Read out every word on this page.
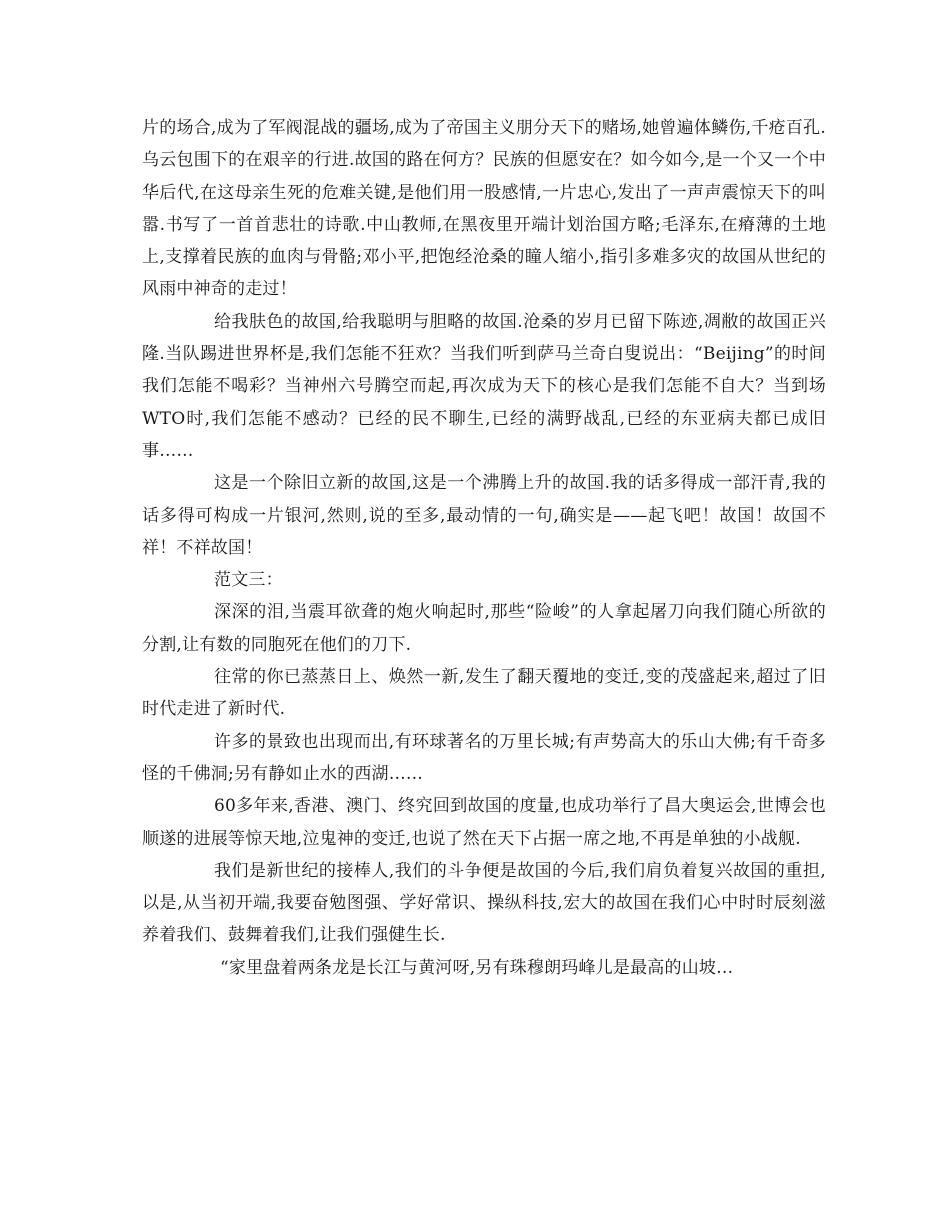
片的场合,成为了军阀混战的疆场,成为了帝国主义朋分天下的赌场,她曾遍体鳞伤,千疮百孔.乌云包围下的在艰辛的行进.故国的路在何方？民族的但愿安在？如今如今,是一个又一个中华后代,在这母亲生死的危难关键,是他们用一股感情,一片忠心,发出了一声声震惊天下的叫嚣.书写了一首首悲壮的诗歌.中山教师,在黑夜里开端计划治国方略;毛泽东,在瘠薄的土地上,支撑着民族的血肉与骨骼;邓小平,把饱经沧桑的瞳人缩小,指引多难多灾的故国从世纪的风雨中神奇的走过！

给我肤色的故国,给我聪明与胆略的故国.沧桑的岁月已留下陈迹,凋敝的故国正兴隆.当队踢进世界杯是,我们怎能不狂欢？当我们听到萨马兰奇白叟说出：“Beijing”的时间我们怎能不喝彩？当神州六号腾空而起,再次成为天下的核心是我们怎能不自大？当到场WTO时,我们怎能不感动？已经的民不聊生,已经的满野战乱,已经的东亚病夫都已成旧事……

这是一个除旧立新的故国,这是一个沸腾上升的故国.我的话多得成一部汗青,我的话多得可构成一片银河,然则,说的至多,最动情的一句,确实是——起飞吧！故国！故国不祥！不祥故国！

范文三：

深深的泪,当震耳欲聋的炮火响起时,那些“险峻”的人拿起屠刀向我们随心所欲的分割,让有数的同胞死在他们的刀下.

往常的你已蒸蒸日上、焕然一新,发生了翻天覆地的变迁,变的茂盛起来,超过了旧时代走进了新时代.

许多的景致也出现而出,有环球著名的万里长城;有声势高大的乐山大佛;有千奇多怪的千佛洞;另有静如止水的西湖……

60多年来,香港、澳门、终究回到故国的度量,也成功举行了昌大奥运会,世博会也顺遂的进展等惊天地,泣鬼神的变迁,也说了然在天下占据一席之地,不再是单独的小战舰.

我们是新世纪的接棒人,我们的斗争便是故国的今后,我们肩负着复兴故国的重担,以是,从当初开端,我要奋勉图强、学好常识、操纵科技,宏大的故国在我们心中时时辰刻滋养着我们、鼓舞着我们,让我们强健生长.

“家里盘着两条龙是长江与黄河呀,另有珠穆朗玛峰儿是最高的山坡…
